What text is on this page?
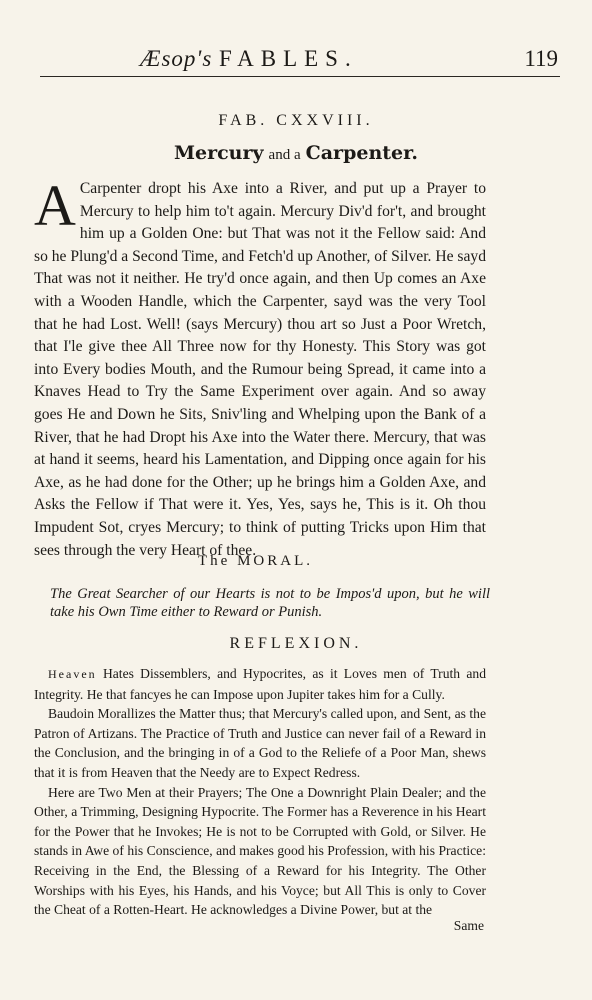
Æsop's FABLES.	119
FAB. CXXVIII.
Mercury and a Carpenter.
A Carpenter dropt his Axe into a River, and put up a Prayer to Mercury to help him to't again. Mercury Div'd for't, and brought him up a Golden One: but That was not it the Fellow said: And so he Plung'd a Second Time, and Fetch'd up Another, of Silver. He sayd That was not it neither. He try'd once again, and then Up comes an Axe with a Wooden Handle, which the Carpenter, sayd was the very Tool that he had Lost. Well! (says Mercury) thou art so Just a Poor Wretch, that I'le give thee All Three now for thy Honesty. This Story was got into Every bodies Mouth, and the Rumour being Spread, it came into a Knaves Head to Try the Same Experiment over again. And so away goes He and Down he Sits, Sniv'ling and Whelping upon the Bank of a River, that he had Dropt his Axe into the Water there. Mercury, that was at hand it seems, heard his Lamentation, and Dipping once again for his Axe, as he had done for the Other; up he brings him a Golden Axe, and Asks the Fellow if That were it. Yes, Yes, says he, This is it. Oh thou Impudent Sot, cryes Mercury; to think of putting Tricks upon Him that sees through the very Heart of thee.
The MORAL.
The Great Searcher of our Hearts is not to be Impos'd upon, but he will take his Own Time either to Reward or Punish.
REFLEXION.

Heaven Hates Dissemblers, and Hypocrites, as it Loves men of Truth and Integrity. He that fancyes he can Impose upon Jupiter takes him for a Cully.

Baudoin Morallizes the Matter thus; that Mercury's called upon, and Sent, as the Patron of Artizans. The Practice of Truth and Justice can never fail of a Reward in the Conclusion, and the bringing in of a God to the Reliefe of a Poor Man, shews that it is from Heaven that the Needy are to Expect Redress.

Here are Two Men at their Prayers; The One a Downright Plain Dealer; and the Other, a Trimming, Designing Hypocrite. The Former has a Reverence in his Heart for the Power that he Invokes; He is not to be Corrupted with Gold, or Silver. He stands in Awe of his Conscience, and makes good his Profession, with his Practice: Receiving in the End, the Blessing of a Reward for his Integrity. The Other Worships with his Eyes, his Hands, and his Voyce; but All This is only to Cover the Cheat of a Rotten-Heart. He acknowledges a Divine Power, but at the

Same
